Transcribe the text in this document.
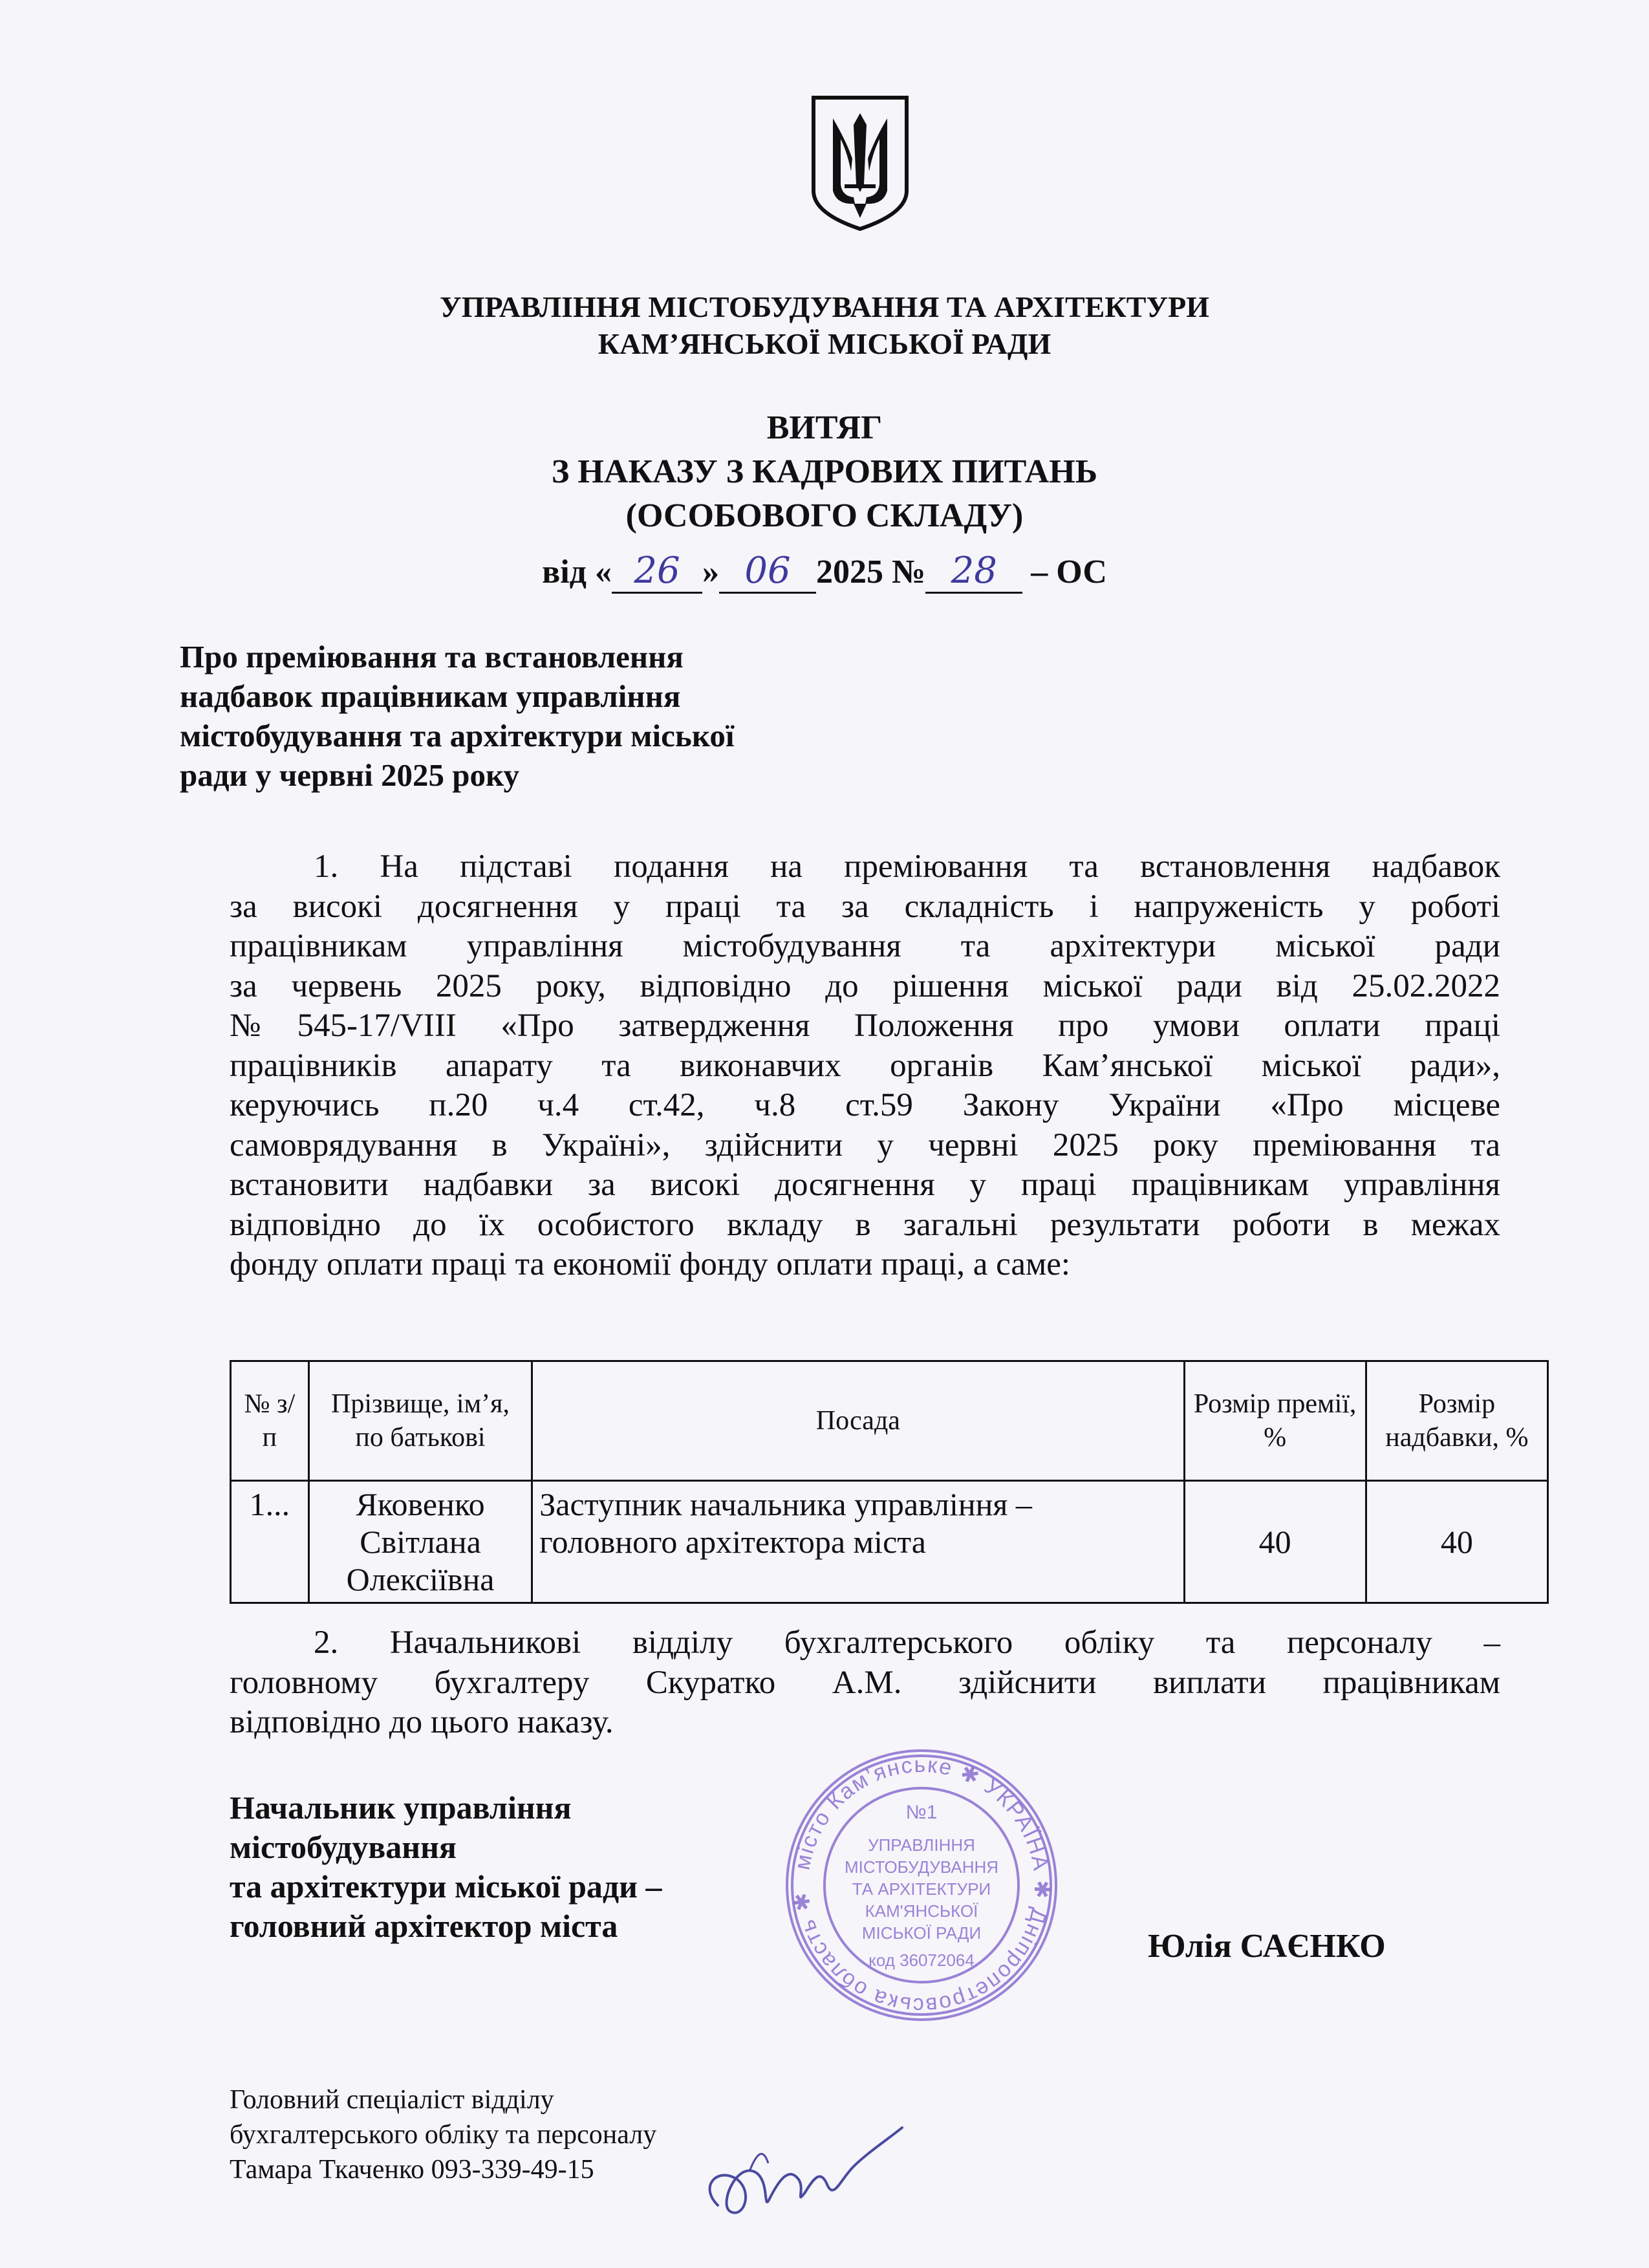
УПРАВЛІННЯ МІСТОБУДУВАННЯ ТА АРХІТЕКТУРИ
КАМ’ЯНСЬКОЇ МІСЬКОЇ РАДИ
ВИТЯГ
З НАКАЗУ З КАДРОВИХ ПИТАНЬ
(ОСОБОВОГО СКЛАДУ)
від « 26 » 06 2025 № 28 – ОС
Про преміювання та встановлення
надбавок працівникам управління
містобудування та архітектури міської
ради у червні 2025 року
1. На підставі подання на преміювання та встановлення надбавок
за високі досягнення у праці та за складність і напруженість у роботі
працівникам управління містобудування та архітектури міської ради
за червень 2025 року, відповідно до рішення міської ради від 25.02.2022
№545-17/VIII «Про затвердження Положення про умови оплати праці
працівників апарату та виконавчих органів Кам’янської міської ради»,
керуючись п.20 ч.4 ст.42, ч.8 ст.59 Закону України «Про місцеве
самоврядування в Україні», здійснити у червні 2025 року преміювання та
встановити надбавки за високі досягнення у праці працівникам управління
відповідно до їх особистого вкладу в загальні результати роботи в межах
фонду оплати праці та економії фонду оплати праці, а саме:
№ з/п	Прізвище, ім’я, по батькові	Посада	Розмір премії, %	Розмір надбавки, %
1...	Яковенко Світлана Олексіївна	Заступник начальника управління – головного архітектора міста	40	40
2. Начальникові відділу бухгалтерського обліку та персоналу –
головному бухгалтеру Скуратко А.М. здійснити виплати працівникам
відповідно до цього наказу.
Начальник управління
містобудування
та архітектури міської ради –
головний архітектор міста
місто Кам’янське ✱ УКРАЇНА ✱ Дніпропетровська область ✱
№1
УПРАВЛІННЯ
МІСТОБУДУВАННЯ
ТА АРХІТЕКТУРИ
КАМ'ЯНСЬКОЇ
МІСЬКОЇ РАДИ
код 36072064	Юлія САЄНКО
Головний спеціаліст відділу
бухгалтерського обліку та персоналу
Тамара Ткаченко 093-339-49-15
